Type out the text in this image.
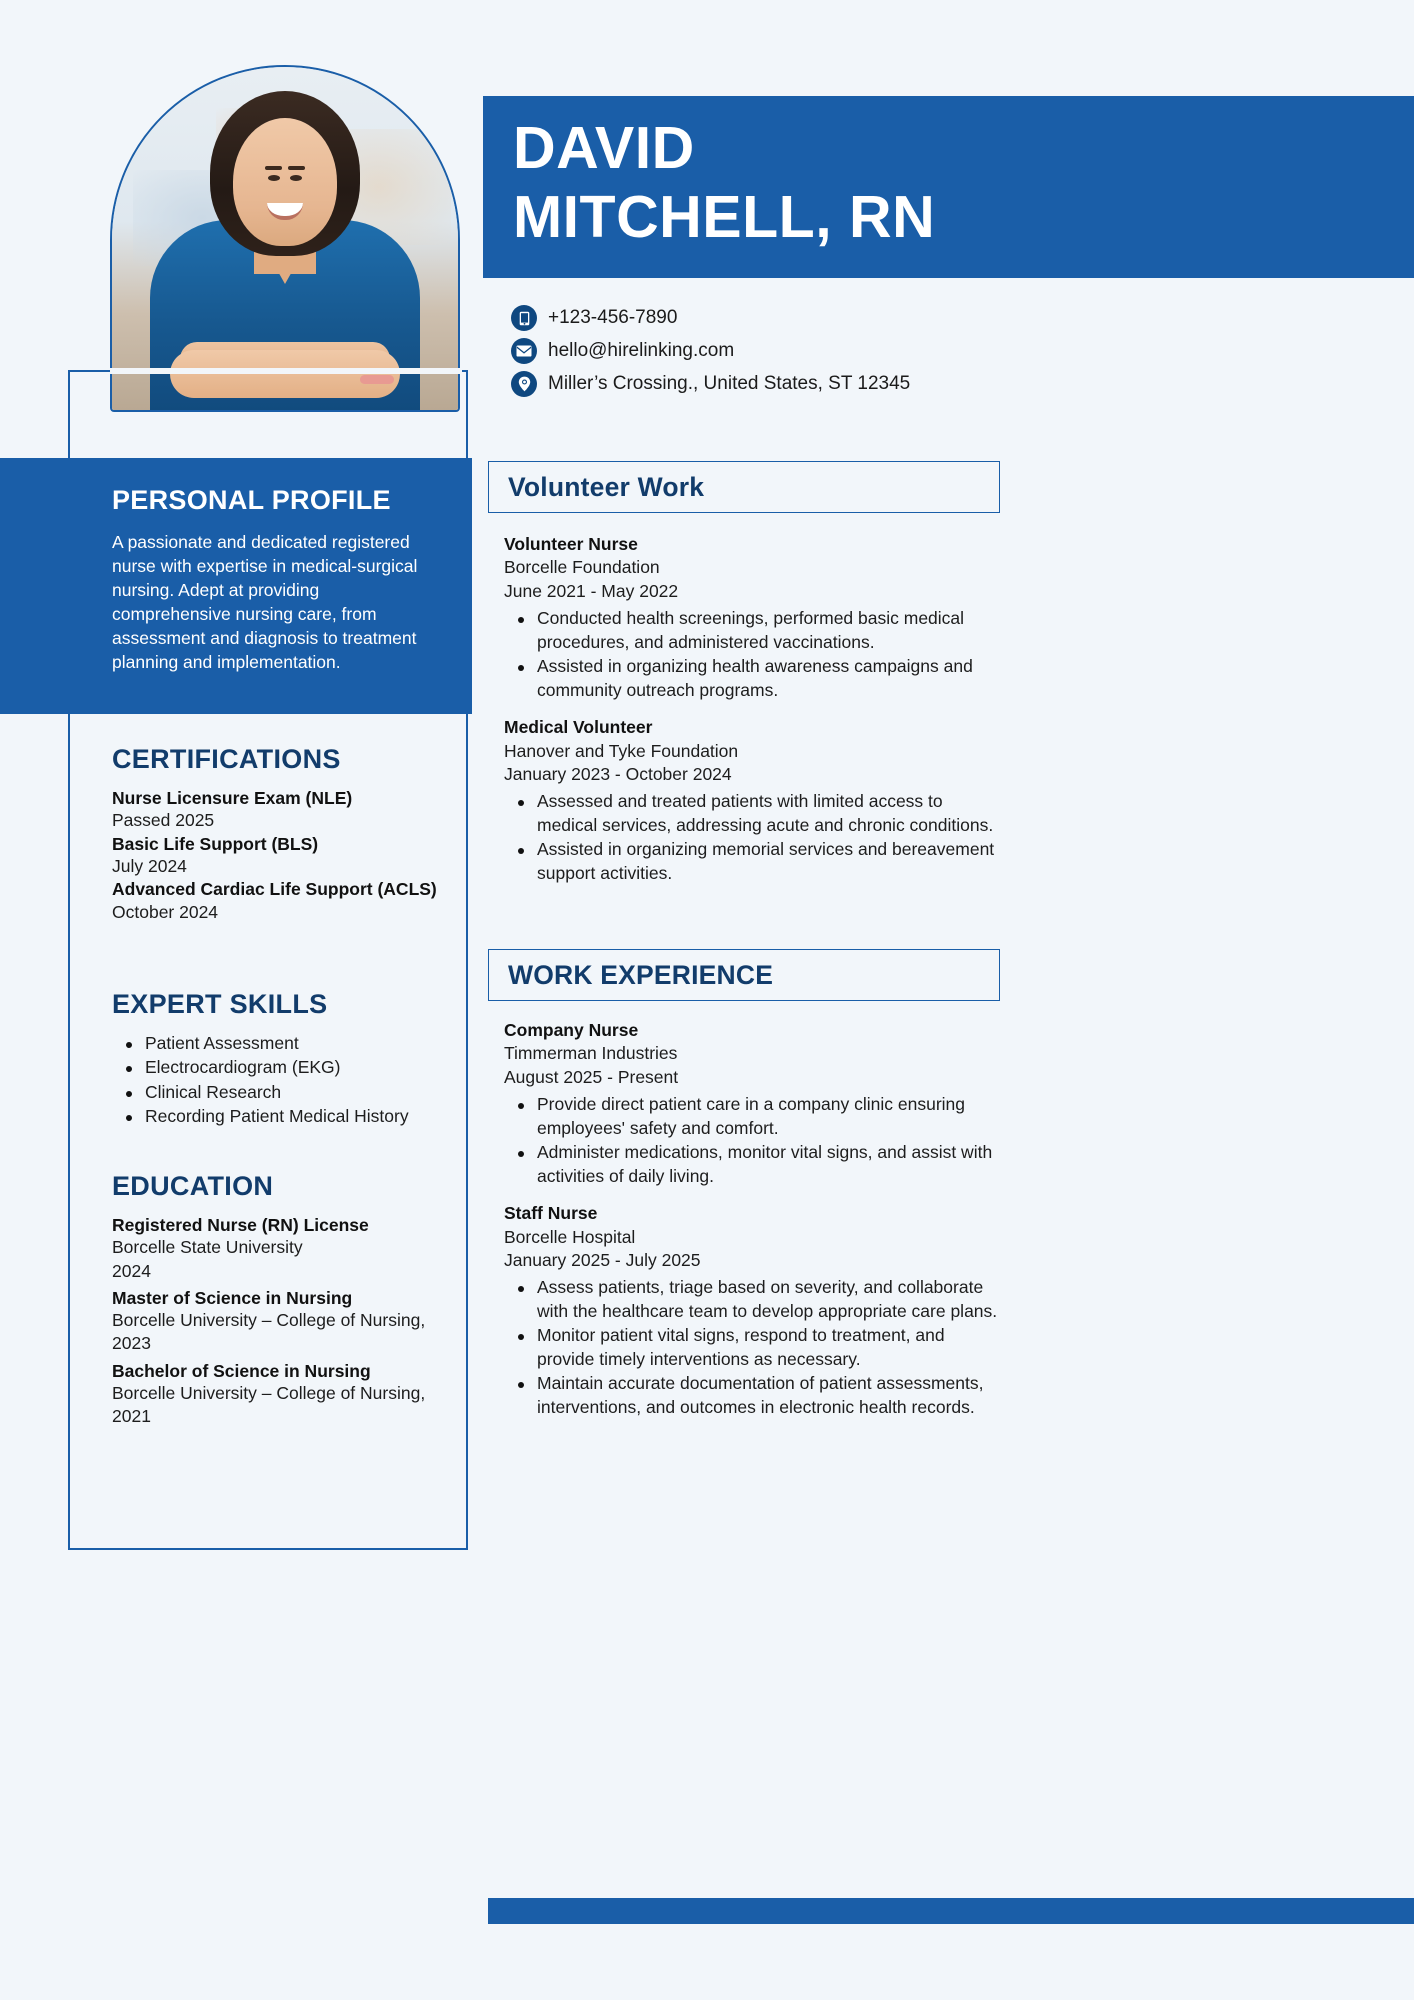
PERSONAL PROFILE

A passionate and dedicated registered nurse with expertise in medical-surgical nursing. Adept at providing comprehensive nursing care, from assessment and diagnosis to treatment planning and implementation.

CERTIFICATIONS
Nurse Licensure Exam (NLE)
Passed 2025
Basic Life Support (BLS)
July 2024
Advanced Cardiac Life Support (ACLS)
October 2024
EXPERT SKILLS
Patient Assessment
Electrocardiogram (EKG)
Clinical Research
Recording Patient Medical History
EDUCATION
Registered Nurse (RN) License
Borcelle State University
2024
Master of Science in Nursing
Borcelle University – College of Nursing, 2023
Bachelor of Science in Nursing
Borcelle University – College of Nursing, 2021
DAVID
MITCHELL, RN
+123-456-7890
hello@hirelinking.com
Miller’s Crossing., United States, ST 12345
Volunteer Work
Volunteer Nurse
Borcelle Foundation
June 2021 - May 2022
Conducted health screenings, performed basic medical procedures, and administered vaccinations.
Assisted in organizing health awareness campaigns and community outreach programs.
Medical Volunteer
Hanover and Tyke Foundation
January 2023 - October 2024
Assessed and treated patients with limited access to medical services, addressing acute and chronic conditions.
Assisted in organizing memorial services and bereavement support activities.
WORK EXPERIENCE
Company Nurse
Timmerman Industries
August 2025 - Present
Provide direct patient care in a company clinic ensuring employees' safety and comfort.
Administer medications, monitor vital signs, and assist with activities of daily living.
Staff Nurse
Borcelle Hospital
January 2025 - July 2025
Assess patients, triage based on severity, and collaborate with the healthcare team to develop appropriate care plans.
Monitor patient vital signs, respond to treatment, and provide timely interventions as necessary.
Maintain accurate documentation of patient assessments, interventions, and outcomes in electronic health records.
